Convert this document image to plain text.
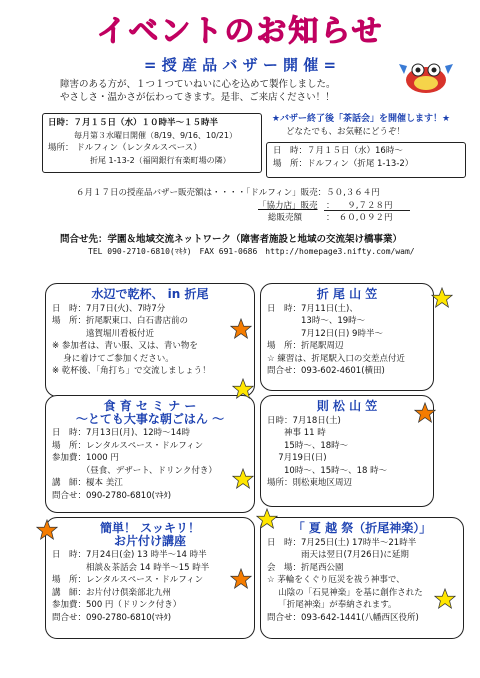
イベントのお知らせ
= 授 産 品 バ ザ ー 開 催 =
障害のある方が、１つ１つていねいに心を込めて製作しました。
やさしさ・温かさが伝わってきます。是非、ご来店ください！！
日時：７月１５日（水）１０時半～１５時半
毎月第３水曜日開催（8/19、9/16、10/21）
場所： ドルフィン（レンタルスペース）
折尾 1-13-2（福岡銀行有楽町場の隣）
★バザー終了後「茶話会」を開催します！★
どなたでも、お気軽にどうぞ！
日　時：７月１５日（水）16時～
場　所：ドルフィン（折尾 1-13-2）
６月１７日の授産品バザー販売額は・・・・「ドルフィン」販売：５０,３６４円
「協力店」販売 ：　　９,７２８円
総販売額	：　６０,０９２円
問合せ先：学園＆地域交流ネットワーク（障害者施設と地域の交流架け橋事業）
TEL 090-2710-6810(ﾏｷﾀ)　FAX 691-0686　http://homepage3.nifty.com/wam/
水辺で乾杯、 in 折尾
日　時：7月7日(火)、7時7分
場　所：折尾駅東口、白石書店前の
　　　　遠賀堀川看板付近
※ 参加者は、青い服、又は、青い物を
　 身に着けてご参加ください。
※ 乾杯後、「角打ち」で交流しましょう！
折 尾 山 笠
日　時：7月11日(土)、
　　　　13時～、19時～
　　　　7月12日(日) 9時半～
場　所：折尾駅周辺
☆ 練習は、折尾駅入口の交差点付近
問合せ：093-602-4601(横田)
食 育 セ ミ ナ ー
～とても大事な朝ごはん ～
日　時：7月13日(月)、12時～14時
場　所：レンタルスペース・ドルフィン
参加費：1000 円
　　　　（昼食、デザート、ドリンク付き）
講　師：榎本 美江
問合せ：090-2780-6810(ﾏｷﾀ)
則 松 山 笠
日時：7月18日(土)
　　神事 11 時
　　15時～、18時～
　 7月19日(日)
　　10時～、15時～、18 時～
場所：則松東地区周辺
簡単！ スッキリ！
お片付け講座
日　時：7月24日(金) 13 時半～14 時半
　　　　相談＆茶話会 14 時半～15 時半
場　所：レンタルスペース・ドルフィン
講　師：お片付け倶楽部北九州
参加費：500 円（ドリンク付き）
問合せ：090-2780-6810(ﾏｷﾀ)
「 夏 越 祭（折尾神楽）」
日　時：7月25日(土) 17時半～21時半
　　　　雨天は翌日(7月26日)に延期
会　場：折尾西公園
☆ 茅輪をくぐり厄災を祓う神事で、
　 山陰の「石見神楽」を基に創作された
　 「折尾神楽」が奉納されます。
問合せ：093-642-1441(八幡西区役所)
